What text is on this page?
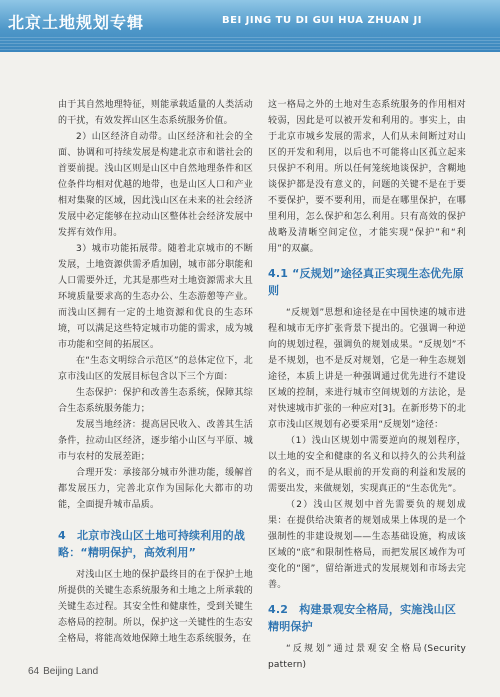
北京土地规划专辑	BEI JING TU DI GUI HUA ZHUAN JI

由于其自然地理特征，则能承载适量的人类活动的干扰，有效发挥山区生态系统服务价值。

2）山区经济自动带。山区经济和社会的全面、协调和可持续发展是构建北京市和谐社会的首要前提。浅山区则是山区中自然地理条件和区位条件均相对优越的地带，也是山区人口和产业相对集聚的区域，因此浅山区在未来的社会经济发展中必定能够在拉动山区整体社会经济发展中发挥有效作用。

3）城市功能拓展带。随着北京城市的不断发展，土地资源供需矛盾加剧，城市部分职能和人口需要外迁，尤其是那些对土地资源需求大且环境质量要求高的生态办公、生态游憩等产业。而浅山区拥有一定的土地资源和优良的生态环境，可以满足这些特定城市功能的需求，成为城市功能和空间的拓展区。

在“生态文明综合示范区”的总体定位下，北京市浅山区的发展目标包含以下三个方面：

生态保护：保护和改善生态系统，保障其综合生态系统服务能力；

发展当地经济：提高居民收入、改善其生活条件，拉动山区经济，逐步缩小山区与平原、城市与农村的发展差距；

合理开发：承接部分城市外泄功能，缓解首都发展压力，完善北京作为国际化大都市的功能，全面提升城市品质。

4　北京市浅山区土地可持续利用的战略：“精明保护，高效利用”

对浅山区土地的保护最终目的在于保护土地所提供的关键生态系统服务和土地之上所承载的关键生态过程。其安全性和健康性，受到关键生态格局的控制。所以，保护这一关键性的生态安全格局，将能高效地保障土地生态系统服务，在

这一格局之外的土地对生态系统服务的作用相对较弱，因此是可以被开发和利用的。事实上，由于北京市城乡发展的需求，人们从未间断过对山区的开发和利用，以后也不可能将山区孤立起来只保护不利用。所以任何笼统地谈保护，含糊地谈保护都是没有意义的，问题的关键不是在于要不要保护，要不要利用，而是在哪里保护，在哪里利用，怎么保护和怎么利用。只有高效的保护战略及清晰空间定位，才能实现“保护”和“利用”的双赢。

4.1 “反规划”途径真正实现生态优先原则

“反规划”思想和途径是在中国快速的城市进程和城市无序扩张背景下提出的。它强调一种逆向的规划过程，强调负的规划成果。“反规划”不是不规划，也不是反对规划，它是一种生态规划途径，本质上讲是一种强调通过优先进行不建设区域的控制，来进行城市空间规划的方法论，是对快速城市扩张的一种应对[3]。在新形势下的北京市浅山区规划有必要采用“反规划”途径：

（1）浅山区规划中需要逆向的规划程序，以土地的安全和健康的名义和以持久的公共利益的名义，而不是从眼前的开发商的利益和发展的需要出发，来做规划，实现真正的“生态优先”。

（2）浅山区规划中首先需要负的规划成果：在提供给决策者的规划成果上体现的是一个强制性的非建设规划——生态基础设施，构成该区域的“底”和限制性格局，而把发展区域作为可变化的“图”，留给渐进式的发展规划和市场去完善。

4.2　构建景观安全格局，实施浅山区精明保护

“反规划”通过景观安全格局(Security pattern)

64 Beijing Land
